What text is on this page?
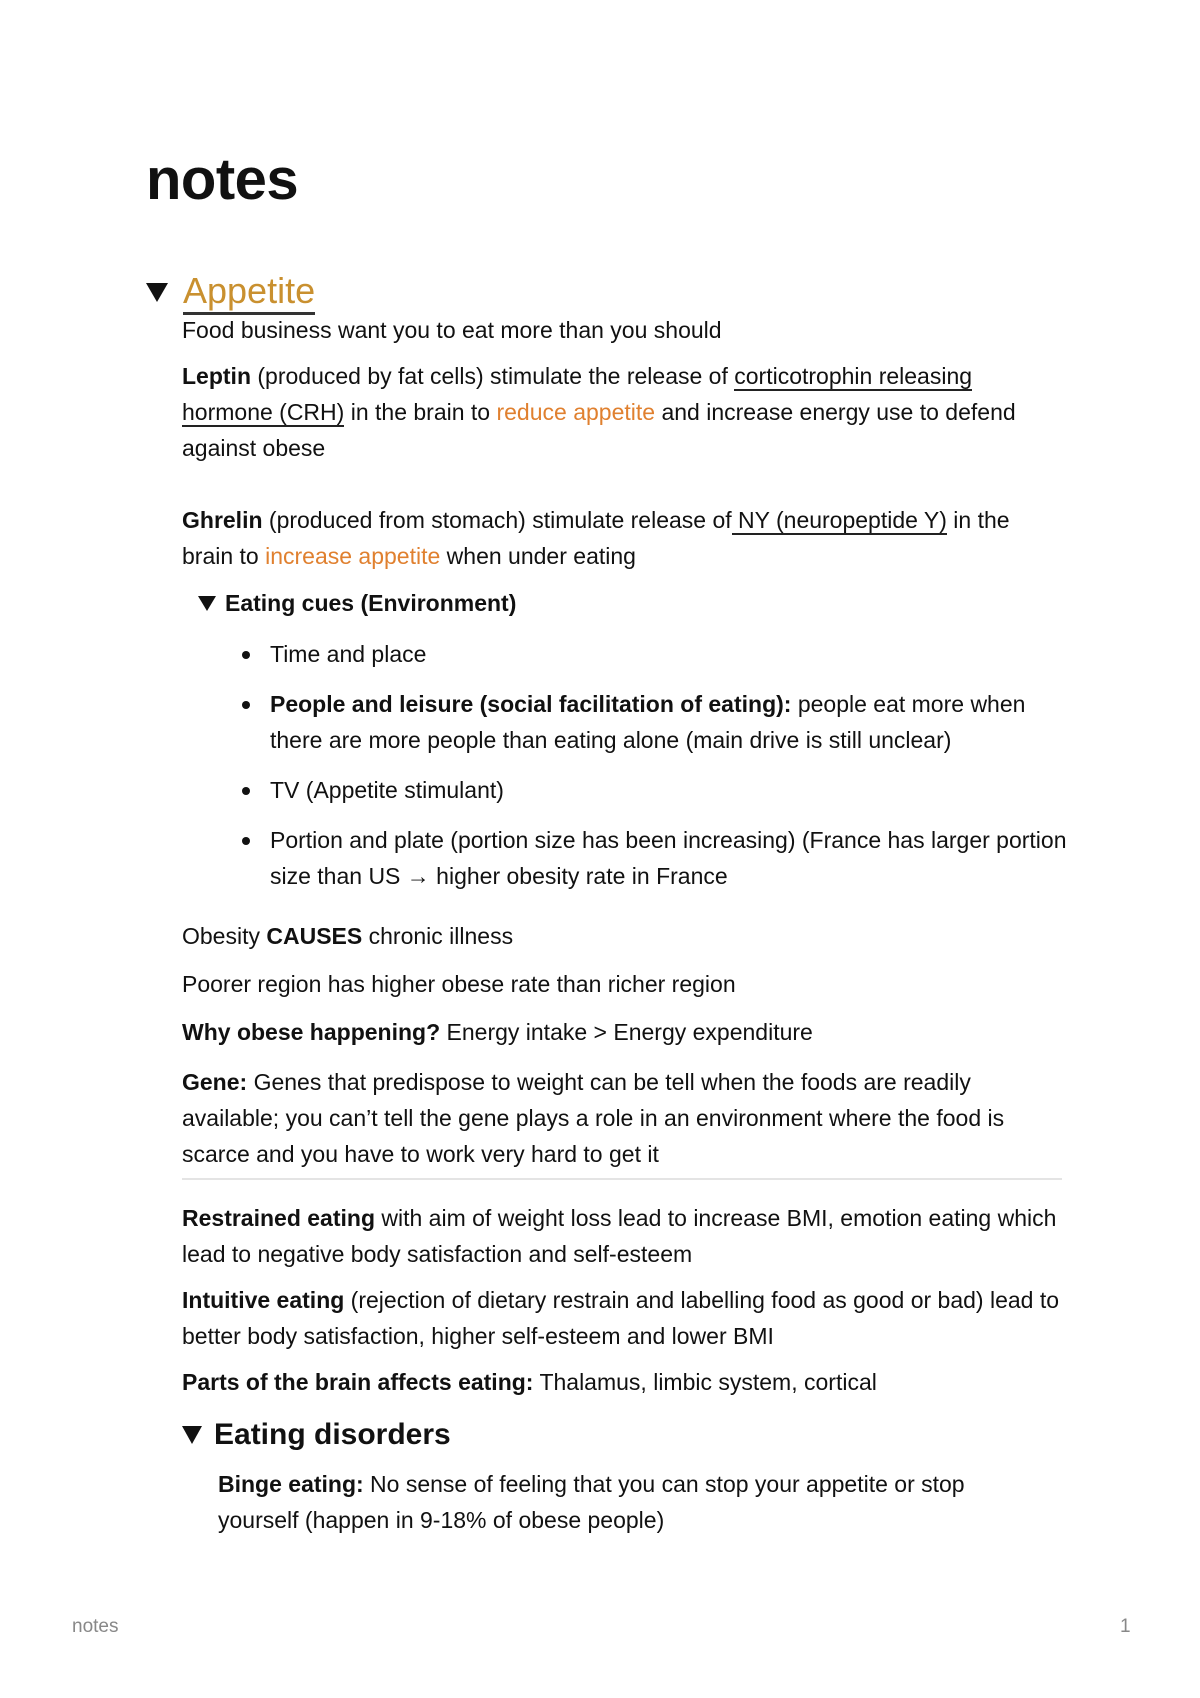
notes
Appetite

Food business want you to eat more than you should

Leptin (produced by fat cells) stimulate the release of corticotrophin releasing
hormone (CRH) in the brain to reduce appetite and increase energy use to defend against obese

Ghrelin (produced from stomach) stimulate release of NY (neuropeptide Y) in the brain to increase appetite when under eating

Eating cues (Environment)
Time and place
People and leisure (social facilitation of eating): people eat more when there are more people than eating alone (main drive is still unclear)
TV (Appetite stimulant)
Portion and plate (portion size has been increasing) (France has larger portion size than US → higher obesity rate in France

Obesity CAUSES chronic illness

Poorer region has higher obese rate than richer region

Why obese happening? Energy intake > Energy expenditure

Gene: Genes that predispose to weight can be tell when the foods are readily available; you can’t tell the gene plays a role in an environment where the food is scarce and you have to work very hard to get it

Restrained eating with aim of weight loss lead to increase BMI, emotion eating which lead to negative body satisfaction and self-esteem

Intuitive eating (rejection of dietary restrain and labelling food as good or bad) lead to better body satisfaction, higher self-esteem and lower BMI

Parts of the brain affects eating: Thalamus, limbic system, cortical

Eating disorders

Binge eating: No sense of feeling that you can stop your appetite or stop yourself (happen in 9-18% of obese people)

notes	1
